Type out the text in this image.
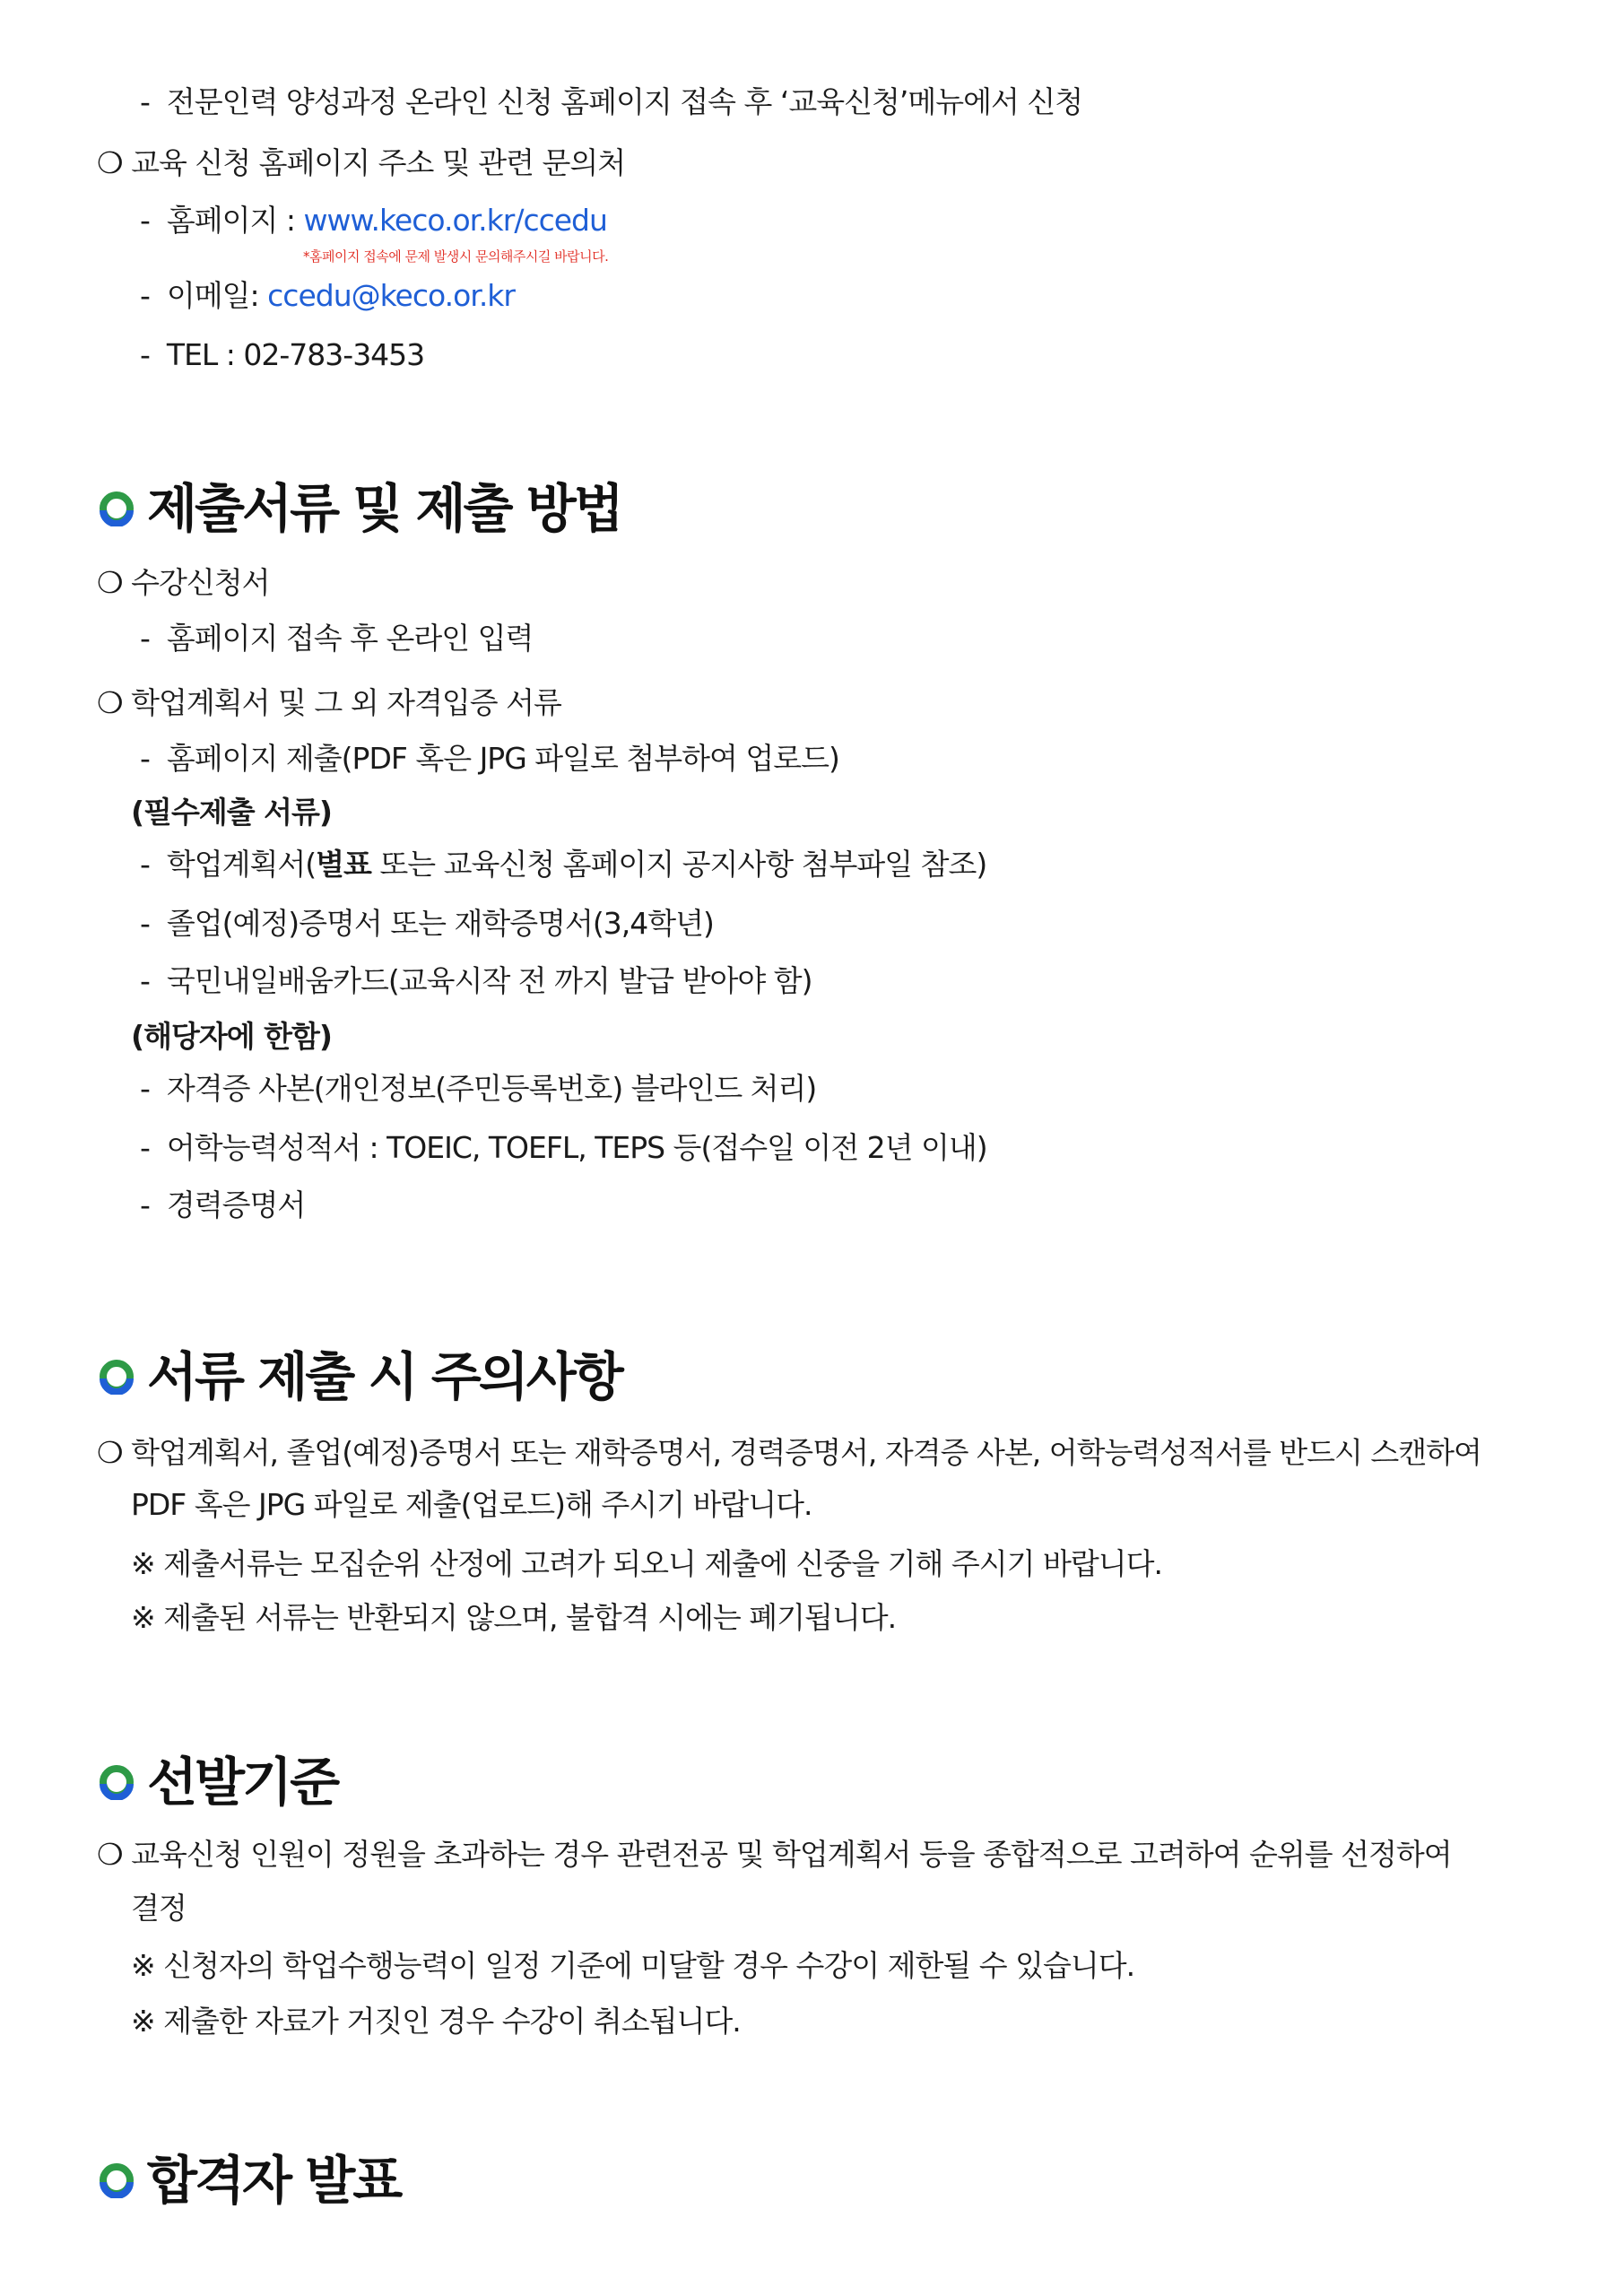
- 전문인력 양성과정 온라인 신청 홈페이지 접속 후 ‘교육신청’메뉴에서 신청
❍ 교육 신청 홈페이지 주소 및 관련 문의처
- 홈페이지 : www.keco.or.kr/ccedu
*홈페이지 접속에 문제 발생시 문의해주시길 바랍니다.
- 이메일: ccedu@keco.or.kr
- TEL : 02-783-3453
제출서류 및 제출 방법
❍ 수강신청서
- 홈페이지 접속 후 온라인 입력
❍ 학업계획서 및 그 외 자격입증 서류
- 홈페이지 제출(PDF 혹은 JPG 파일로 첨부하여 업로드)
(필수제출 서류)
- 학업계획서(별표 또는 교육신청 홈페이지 공지사항 첨부파일 참조)
- 졸업(예정)증명서 또는 재학증명서(3,4학년)
- 국민내일배움카드(교육시작 전 까지 발급 받아야 함)
(해당자에 한함)
- 자격증 사본(개인정보(주민등록번호) 블라인드 처리)
- 어학능력성적서 : TOEIC, TOEFL, TEPS 등(접수일 이전 2년 이내)
- 경력증명서
서류 제출 시 주의사항
❍ 학업계획서, 졸업(예정)증명서 또는 재학증명서, 경력증명서, 자격증 사본, 어학능력성적서를 반드시 스캔하여
PDF 혹은 JPG 파일로 제출(업로드)해 주시기 바랍니다.
※ 제출서류는 모집순위 산정에 고려가 되오니 제출에 신중을 기해 주시기 바랍니다.
※ 제출된 서류는 반환되지 않으며, 불합격 시에는 폐기됩니다.
선발기준
❍ 교육신청 인원이 정원을 초과하는 경우 관련전공 및 학업계획서 등을 종합적으로 고려하여 순위를 선정하여
결정
※ 신청자의 학업수행능력이 일정 기준에 미달할 경우 수강이 제한될 수 있습니다.
※ 제출한 자료가 거짓인 경우 수강이 취소됩니다.
합격자 발표
